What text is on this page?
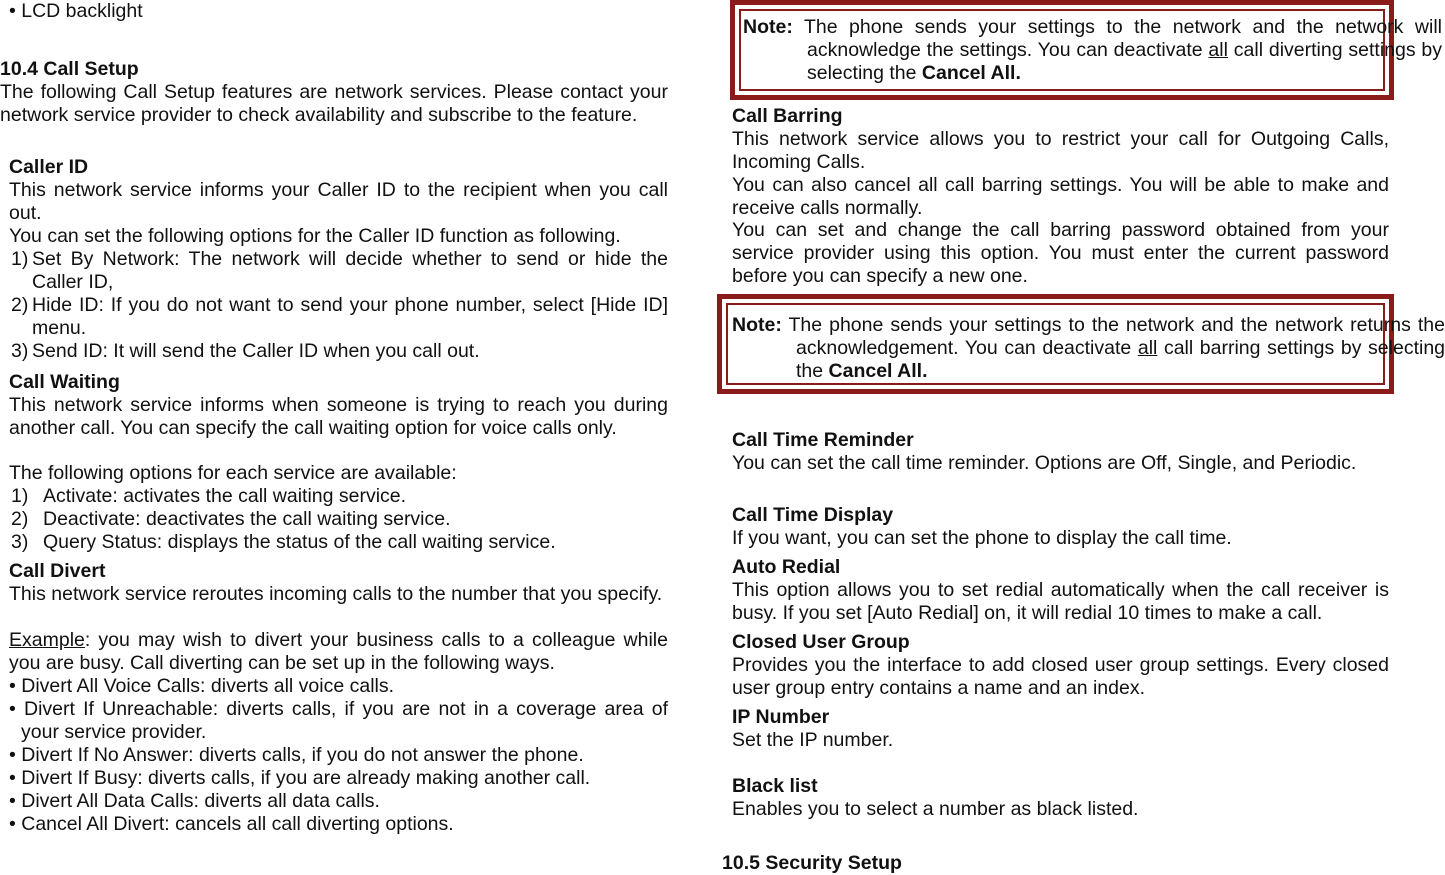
• LCD backlight
10.4 Call Setup
The following Call Setup features are network services. Please contact your network service provider to check availability and subscribe to the feature.
Caller ID
This network service informs your Caller ID to the recipient when you call out.
You can set the following options for the Caller ID function as following.
1) Set By Network: The network will decide whether to send or hide the Caller ID,
2) Hide ID: If you do not want to send your phone number, select [Hide ID] menu.
3) Send ID: It will send the Caller ID when you call out.
Call Waiting
This network service informs when someone is trying to reach you during another call. You can specify the call waiting option for voice calls only.
The following options for each service are available:
1) Activate: activates the call waiting service.
2) Deactivate: deactivates the call waiting service.
3) Query Status: displays the status of the call waiting service.
Call Divert
This network service reroutes incoming calls to the number that you specify.
Example: you may wish to divert your business calls to a colleague while you are busy. Call diverting can be set up in the following ways.
• Divert All Voice Calls: diverts all voice calls.
• Divert If Unreachable: diverts calls, if you are not in a coverage area of your service provider.
• Divert If No Answer: diverts calls, if you do not answer the phone.
• Divert If Busy: diverts calls, if you are already making another call.
• Divert All Data Calls: diverts all data calls.
• Cancel All Divert: cancels all call diverting options.
Note: The phone sends your settings to the network and the network will acknowledge the settings. You can deactivate all call diverting settings by selecting the Cancel All.
Call Barring
This network service allows you to restrict your call for Outgoing Calls, Incoming Calls.
You can also cancel all call barring settings. You will be able to make and receive calls normally.
You can set and change the call barring password obtained from your service provider using this option. You must enter the current password before you can specify a new one.
Note: The phone sends your settings to the network and the network returns the acknowledgement. You can deactivate all call barring settings by selecting the Cancel All.
Call Time Reminder
You can set the call time reminder. Options are Off, Single, and Periodic.
Call Time Display
If you want, you can set the phone to display the call time.
Auto Redial
This option allows you to set redial automatically when the call receiver is busy. If you set [Auto Redial] on, it will redial 10 times to make a call.
Closed User Group
Provides you the interface to add closed user group settings. Every closed user group entry contains a name and an index.
IP Number
Set the IP number.
Black list
Enables you to select a number as black listed.
10.5 Security Setup
